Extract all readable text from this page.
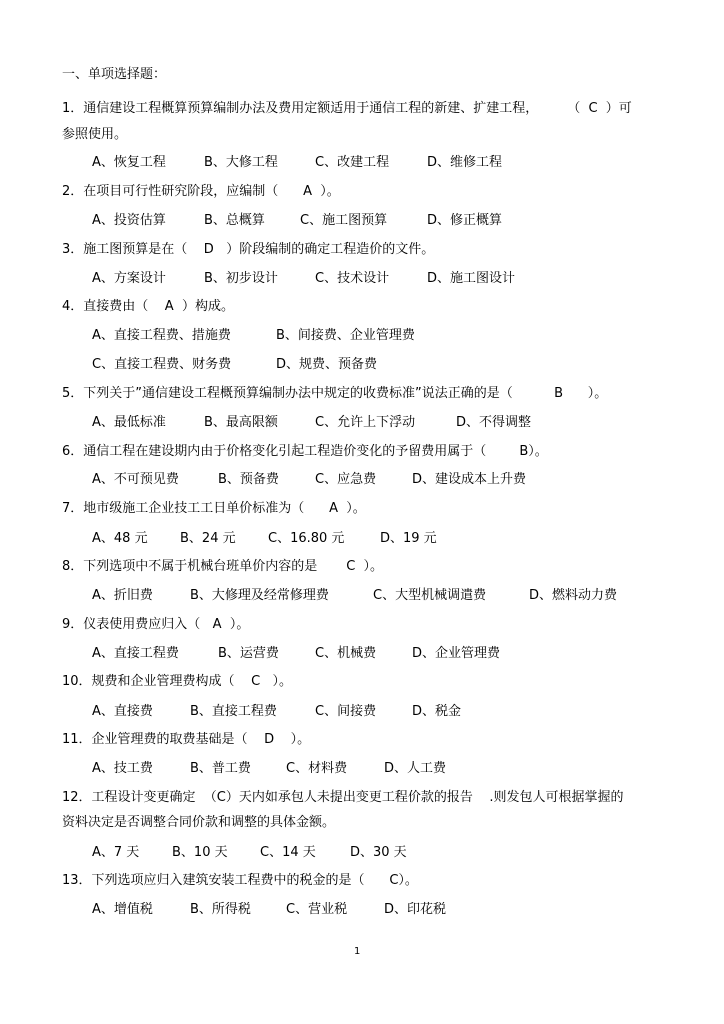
一、单项选择题：
1．通信建设工程概算预算编制办法及费用定额适用于通信工程的新建、扩建工程，       （  C  ）可
参照使用。
A、恢复工程	B、大修工程	C、改建工程	D、维修工程
2．在项目可行性研究阶段，应编制（      A  ）。
A、投资估算	B、总概算	C、施工图预算	D、修正概算
3．施工图预算是在（    D   ）阶段编制的确定工程造价的文件。
A、方案设计	B、初步设计	C、技术设计	D、施工图设计
4．直接费由（    A  ）构成。
A、直接工程费、措施费	B、间接费、企业管理费
C、直接工程费、财务费	D、规费、预备费
5．下列关于”通信建设工程概预算编制办法中规定的收费标准”说法正确的是（          B      ）。
A、最低标准	B、最高限额	C、允许上下浮动	D、不得调整
6．通信工程在建设期内由于价格变化引起工程造价变化的予留费用属于（        B）。
A、不可预见费	B、预备费	C、应急费	D、建设成本上升费
7．地市级施工企业技工工日单价标准为（      A  ）。
A、48 元 B、24 元 C、16.80 元	D、19 元
8．下列选项中不属于机械台班单价内容的是       C  ）。
A、折旧费	B、大修理及经常修理费	C、大型机械调遣费	D、燃料动力费
9．仪表使用费应归入（   A  ）。
A、直接工程费	B、运营费	C、机械费	D、企业管理费
10．规费和企业管理费构成（    C   ）。
A、直接费	B、直接工程费	C、间接费	D、税金
11．企业管理费的取费基础是（    D    ）。
A、技工费	B、普工费	C、材料费	D、人工费
12．工程设计变更确定  （C）天内如承包人未提出变更工程价款的报告    .则发包人可根据掌握的
资料决定是否调整合同价款和调整的具体金额。
A、7 天	B、10 天 C、14 天	D、30 天
13．下列选项应归入建筑安装工程费中的税金的是（      C）。
A、增值税	B、所得税	C、营业税	D、印花税
1
